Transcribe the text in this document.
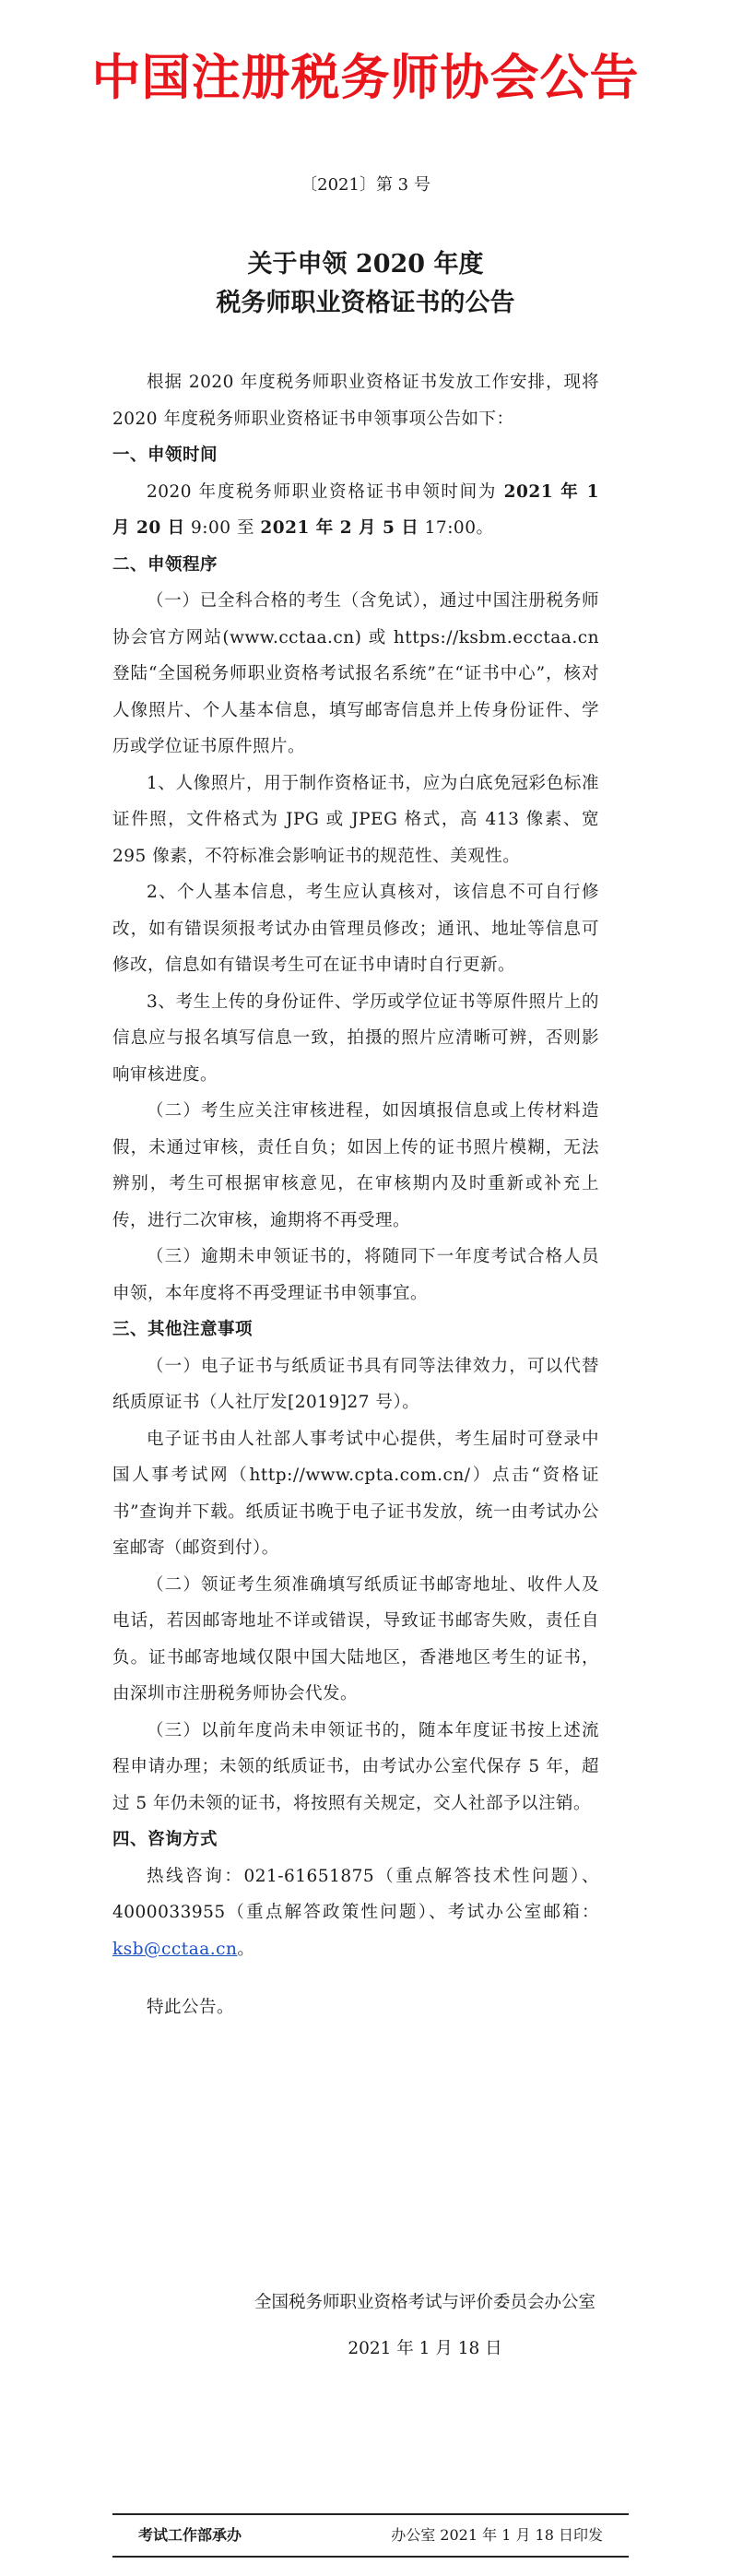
中国注册税务师协会公告
〔2021〕第 3 号
关于申领 2020 年度
税务师职业资格证书的公告

根据 2020 年度税务师职业资格证书发放工作安排，现将 2020 年度税务师职业资格证书申领事项公告如下：

一、申领时间

2020 年度税务师职业资格证书申领时间为 2021 年 1 月 20 日 9:00 至 2021 年 2 月 5 日 17:00。

二、申领程序

（一）已全科合格的考生（含免试），通过中国注册税务师协会官方网站(www.cctaa.cn) 或 https://ksbm.ecctaa.cn 登陆“全国税务师职业资格考试报名系统”在“证书中心”，核对人像照片、个人基本信息，填写邮寄信息并上传身份证件、学历或学位证书原件照片。

1、人像照片，用于制作资格证书，应为白底免冠彩色标准证件照，文件格式为 JPG 或 JPEG 格式，高 413 像素、宽 295 像素，不符标准会影响证书的规范性、美观性。

2、个人基本信息，考生应认真核对，该信息不可自行修改，如有错误须报考试办由管理员修改；通讯、地址等信息可修改，信息如有错误考生可在证书申请时自行更新。

3、考生上传的身份证件、学历或学位证书等原件照片上的信息应与报名填写信息一致，拍摄的照片应清晰可辨，否则影响审核进度。

（二）考生应关注审核进程，如因填报信息或上传材料造假，未通过审核，责任自负；如因上传的证书照片模糊，无法辨别，考生可根据审核意见，在审核期内及时重新或补充上传，进行二次审核，逾期将不再受理。

（三）逾期未申领证书的，将随同下一年度考试合格人员申领，本年度将不再受理证书申领事宜。

三、其他注意事项

（一）电子证书与纸质证书具有同等法律效力，可以代替纸质原证书（人社厅发[2019]27 号）。

电子证书由人社部人事考试中心提供，考生届时可登录中国人事考试网（http://www.cpta.com.cn/）点击“资格证书”查询并下载。纸质证书晚于电子证书发放，统一由考试办公室邮寄（邮资到付）。

（二）领证考生须准确填写纸质证书邮寄地址、收件人及电话，若因邮寄地址不详或错误，导致证书邮寄失败，责任自负。证书邮寄地域仅限中国大陆地区，香港地区考生的证书，由深圳市注册税务师协会代发。

（三）以前年度尚未申领证书的，随本年度证书按上述流程申请办理；未领的纸质证书，由考试办公室代保存 5 年，超过 5 年仍未领的证书，将按照有关规定，交人社部予以注销。

四、咨询方式

热线咨询：021-61651875（重点解答技术性问题）、4000033955（重点解答政策性问题）、考试办公室邮箱：ksb@cctaa.cn。

特此公告。

全国税务师职业资格考试与评价委员会办公室
2021 年 1 月 18 日
考试工作部承办	办公室 2021 年 1 月 18 日印发
